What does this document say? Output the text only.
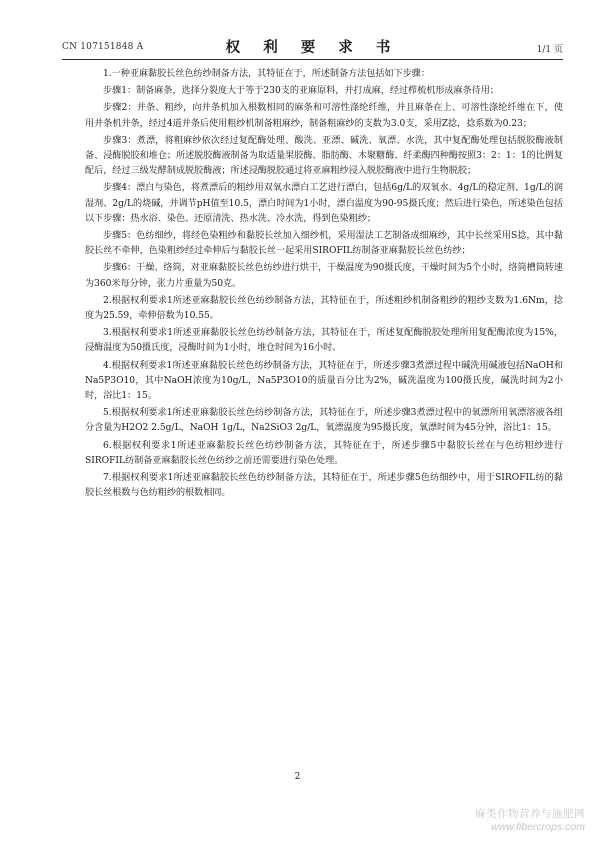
CN 107151848 A	权 利 要 求 书	1/1 页

1.一种亚麻黏胶长丝色纺纱制备方法，其特征在于，所述制备方法包括如下步骤：

步骤1：制备麻条，选择分裂度大于等于230支的亚麻原料，并打成麻，经过栉梳机形成麻条待用；

步骤2：并条、粗纱，向并条机加入根数相同的麻条和可溶性涤纶纤维，并且麻条在上、可溶性涤纶纤维在下，使用并条机并条，经过4道并条后使用粗纱机制备粗麻纱，制备粗麻纱的支数为3.0支，采用Z捻，捻系数为0.23；

步骤3：煮漂，将粗麻纱依次经过复配酶处理、酸洗、亚漂、碱洗、氧漂、水洗，其中复配酶处理包括脱胶酶液制备、浸酶脱胶和堆仓；所述脱胶酶液制备为取适量果胶酶、脂肪酶、木聚糖酶、纤柔酶四种酶按照3：2：1：1的比例复配后，经过三级发酵制成脱胶酶液；所述浸酶脱胶通过将亚麻粗纱浸入脱胶酶液中进行生物脱胶；

步骤4：漂白与染色，将煮漂后的粗纱用双氧水漂白工艺进行漂白，包括6g/L的双氧水、4g/L的稳定剂、1g/L的润湿剂、2g/L的烧碱，并调节pH值至10.5，漂白时间为1小时，漂白温度为90-95摄氏度；然后进行染色，所述染色包括以下步骤：热水浴、染色、还原清洗、热水洗、冷水洗，得到色染粗纱；

步骤5：色纺细纱，将经色染粗纱和黏胶长丝加入细纱机，采用湿法工艺制备成细麻纱，其中长丝采用S捻，其中黏胶长丝不牵伸，色染粗纱经过牵伸后与黏胶长丝一起采用SIROFIL纺制备亚麻黏胶长丝色纺纱；

步骤6：干燥、络筒，对亚麻黏胶长丝色纺纱进行烘干，干燥温度为90摄氏度，干燥时间为5个小时，络筒槽筒转速为360米每分钟，张力片重量为50克。

2.根据权利要求1所述亚麻黏胶长丝色纺纱制备方法，其特征在于，所述粗纱机制备粗纱的粗纱支数为1.6Nm，捻度为25.59，牵伸倍数为10.55。

3.根据权利要求1所述亚麻黏胶长丝色纺纱制备方法，其特征在于，所述复配酶脱胶处理所用复配酶浓度为15%，浸酶温度为50摄氏度，浸酶时间为1小时，堆仓时间为16小时。

4.根据权利要求1所述亚麻黏胶长丝色纺纱制备方法，其特征在于，所述步骤3煮漂过程中碱洗用碱液包括NaOH和Na5P3O10，其中NaOH浓度为10g/L，Na5P3O10的质量百分比为2%，碱洗温度为100摄氏度，碱洗时间为2小时，浴比1：15。

5.根据权利要求1所述亚麻黏胶长丝色纺纱制备方法，其特征在于，所述步骤3煮漂过程中的氧漂所用氧漂溶液各组分含量为H2O2 2.5g/L，NaOH 1g/L，Na2SiO3 2g/L，氧漂温度为95摄氏度，氧漂时间为45分钟，浴比1：15。

6.根据权利要求1所述亚麻黏胶长丝色纺纱制备方法，其特征在于，所述步骤5中黏胶长丝在与色纺粗纱进行SIROFIL纺制备亚麻黏胶长丝色纺纱之前还需要进行染色处理。

7.根据权利要求1所述亚麻黏胶长丝色纺纱制备方法，其特征在于，所述步骤5色纺细纱中，用于SIROFIL纺的黏胶长丝根数与色纺粗纱的根数相同。

2
麻类作物营养与施肥网
www.fibercrops.com
